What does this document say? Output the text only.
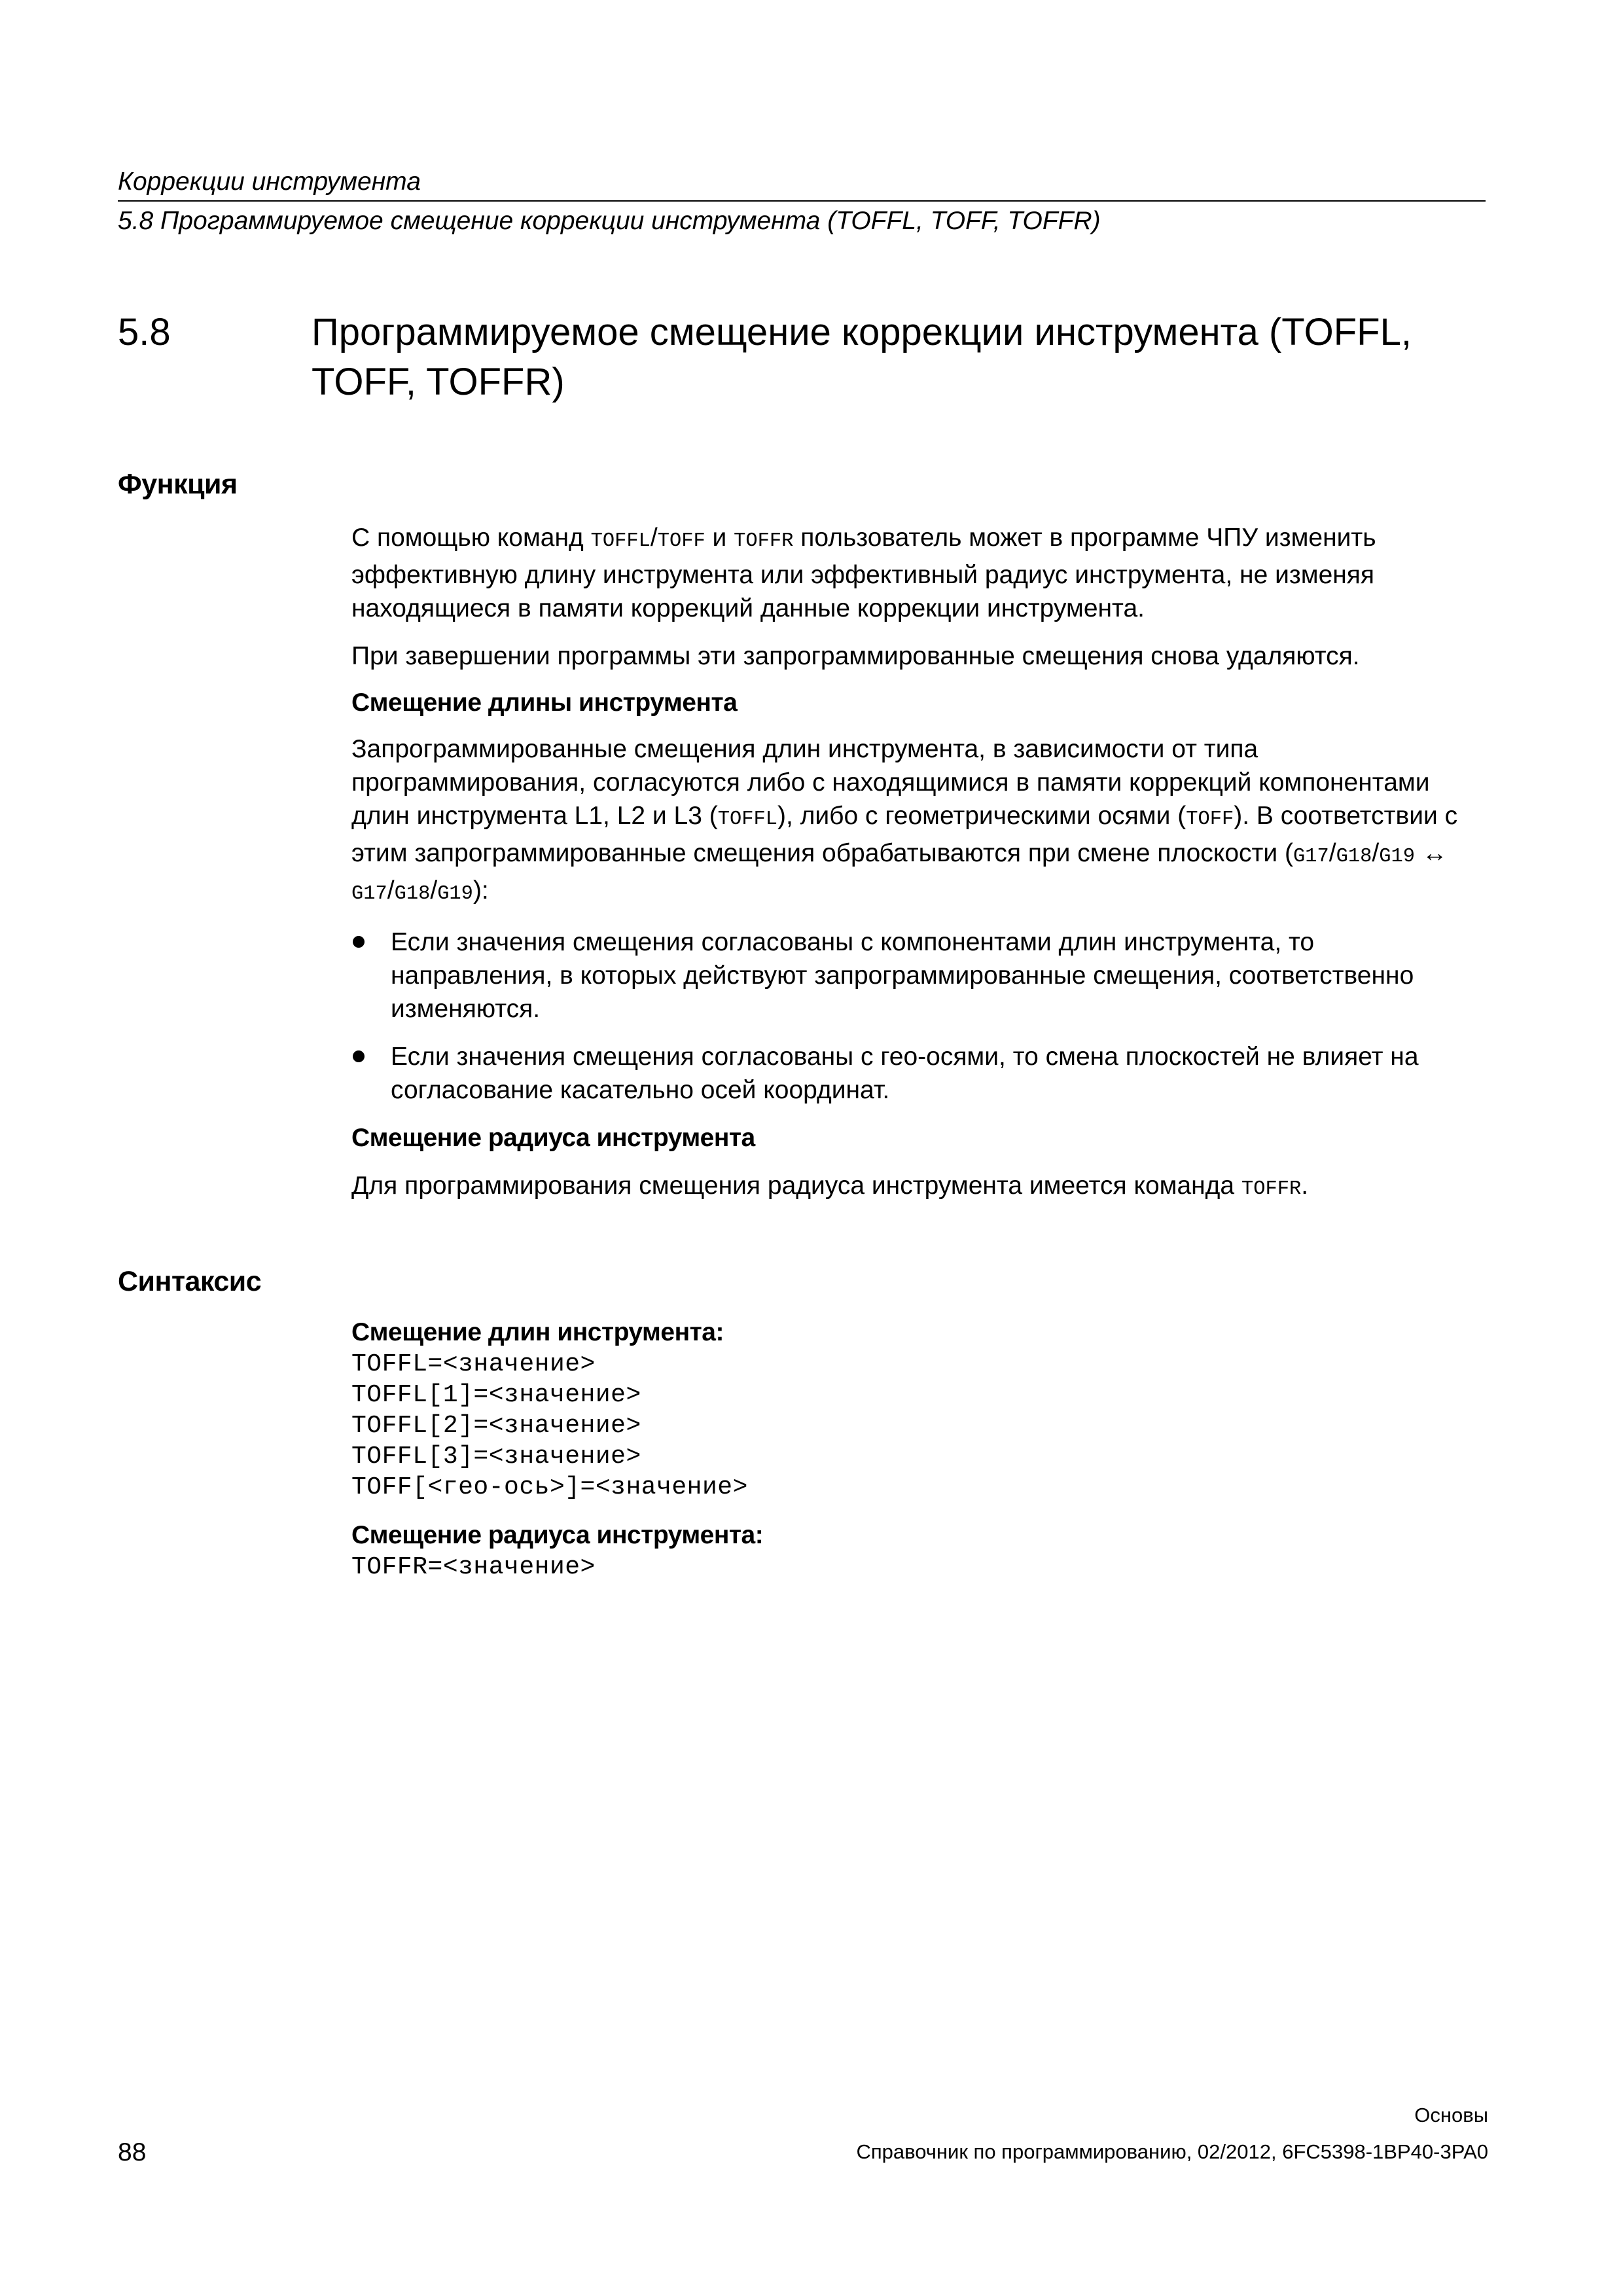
Коррекции инструмента
5.8 Программируемое смещение коррекции инструмента (TOFFL, TOFF, TOFFR)
5.8	Программируемое смещение коррекции инструмента (TOFFL, TOFF, TOFFR)
Функция

С помощью команд TOFFL/TOFF и TOFFR пользователь может в программе ЧПУ изменить эффективную длину инструмента или эффективный радиус инструмента, не изменяя находящиеся в памяти коррекций данные коррекции инструмента.

При завершении программы эти запрограммированные смещения снова удаляются.

Смещение длины инструмента

Запрограммированные смещения длин инструмента, в зависимости от типа программирования, согласуются либо с находящимися в памяти коррекций компонентами длин инструмента L1, L2 и L3 (TOFFL), либо с геометрическими осями (TOFF). В соответствии с этим запрограммированные смещения обрабатываются при смене плоскости (G17/G18/G19 ↔ G17/G18/G19):

Если значения смещения согласованы с компонентами длин инструмента, то направления, в которых действуют запрограммированные смещения, соответственно изменяются.
Если значения смещения согласованы с гео-осями, то смена плоскостей не влияет на согласование касательно осей координат.
Смещение радиуса инструмента

Для программирования смещения радиуса инструмента имеется команда TOFFR.

Синтаксис
Смещение длин инструмента:
TOFFL=<значение>
TOFFL[1]=<значение>
TOFFL[2]=<значение>
TOFFL[3]=<значение>
TOFF[<гео-ось>]=<значение>
Смещение радиуса инструмента:
TOFFR=<значение>
Основы
Справочник по программированию, 02/2012, 6FC5398-1BP40-3PA0
88
